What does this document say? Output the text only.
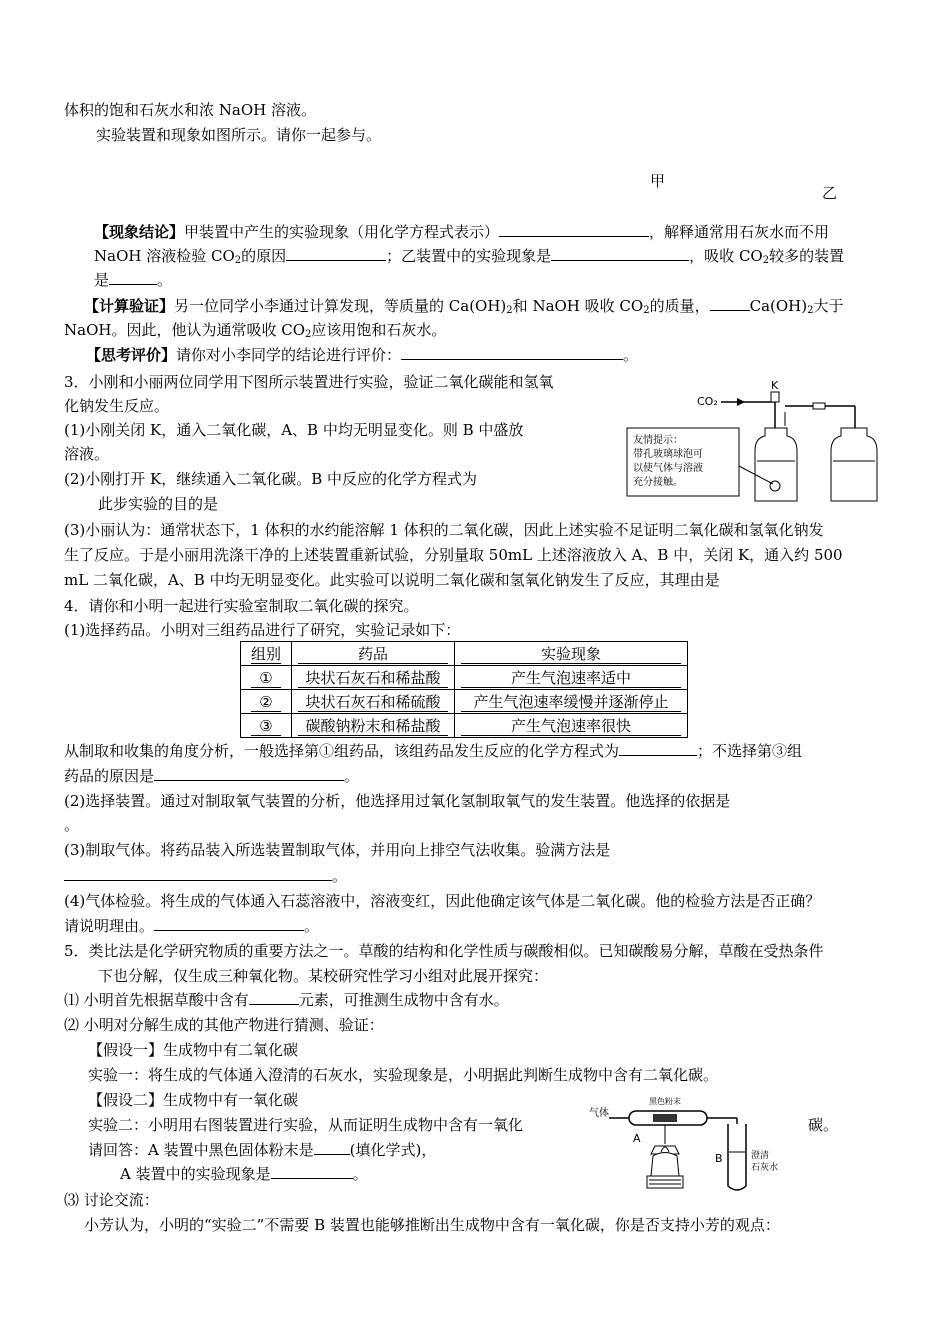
体积的饱和石灰水和浓 NaOH 溶液。
实验装置和现象如图所示。请你一起参与。
甲
乙
【现象结论】甲装置中产生的实验现象（用化学方程式表示）	，解释通常用石灰水而不用
NaOH 溶液检验 $CO_2$的原因	；乙装置中的实验现象是	，吸收 $CO_2$较多的装置
是	。
【计算验证】另一位同学小李通过计算发现，等质量的 $Ca(OH)_2$和 NaOH 吸收 $CO_2$的质量，	$Ca(OH)_2$大于
NaOH。因此，他认为通常吸收 $CO_2$应该用饱和石灰水。
【思考评价】请你对小李同学的结论进行评价：	。
3．小刚和小丽两位同学用下图所示装置进行实验，验证二氧化碳能和氢氧
化钠发生反应。
(1)小刚关闭 K，通入二氧化碳，A、B 中均无明显变化。则 B 中盛放
溶液。
(2)小刚打开 K，继续通入二氧化碳。B 中反应的化学方程式为
此步实验的目的是
(3)小丽认为：通常状态下，1 体积的水约能溶解 1 体积的二氧化碳，因此上述实验不足证明二氧化碳和氢氧化钠发
生了反应。于是小丽用洗涤干净的上述装置重新试验，分别量取 50mL 上述溶液放入 A、B 中，关闭 K，通入约 500
mL 二氧化碳，A、B 中均无明显变化。此实验可以说明二氧化碳和氢氧化钠发生了反应，其理由是
CO₂
K
友情提示：
带孔玻璃球泡可
以使气体与溶液
充分接触。
4．请你和小明一起进行实验室制取二氧化碳的探究。
(1)选择药品。小明对三组药品进行了研究，实验记录如下：
组别	药品	实验现象
①	块状石灰石和稀盐酸	产生气泡速率适中
②	块状石灰石和稀硫酸	产生气泡速率缓慢并逐渐停止
③	碳酸钠粉末和稀盐酸	产生气泡速率很快
从制取和收集的角度分析，一般选择第①组药品，该组药品发生反应的化学方程式为	；不选择第③组
药品的原因是	。
(2)选择装置。通过对制取氧气装置的分析，他选择用过氧化氢制取氧气的发生装置。他选择的依据是
。
(3)制取气体。将药品装入所选装置制取气体，并用向上排空气法收集。验满方法是
。
(4)气体检验。将生成的气体通入石蕊溶液中，溶液变红，因此他确定该气体是二氧化碳。他的检验方法是否正确？
请说明理由。	。
5．类比法是化学研究物质的重要方法之一。草酸的结构和化学性质与碳酸相似。已知碳酸易分解，草酸在受热条件
下也分解，仅生成三种氧化物。某校研究性学习小组对此展开探究：
⑴ 小明首先根据草酸中含有	元素，可推测生成物中含有水。
⑵ 小明对分解生成的其他产物进行猜测、验证：
【假设一】生成物中有二氧化碳
实验一：将生成的气体通入澄清的石灰水，实验现象是，小明据此判断生成物中含有二氧化碳。
【假设二】生成物中有一氧化碳
实验二：小明用右图装置进行实验，从而证明生成物中含有一氧化	碳。
请回答：A 装置中黑色固体粉末是 (填化学式)，
A 装置中的实验现象是	。
⑶ 讨论交流：
小芳认为，小明的“实验二”不需要 B 装置也能够推断出生成物中含有一氧化碳，你是否支持小芳的观点：
气体
黑色粉末
A
B	澄清
石灰水
